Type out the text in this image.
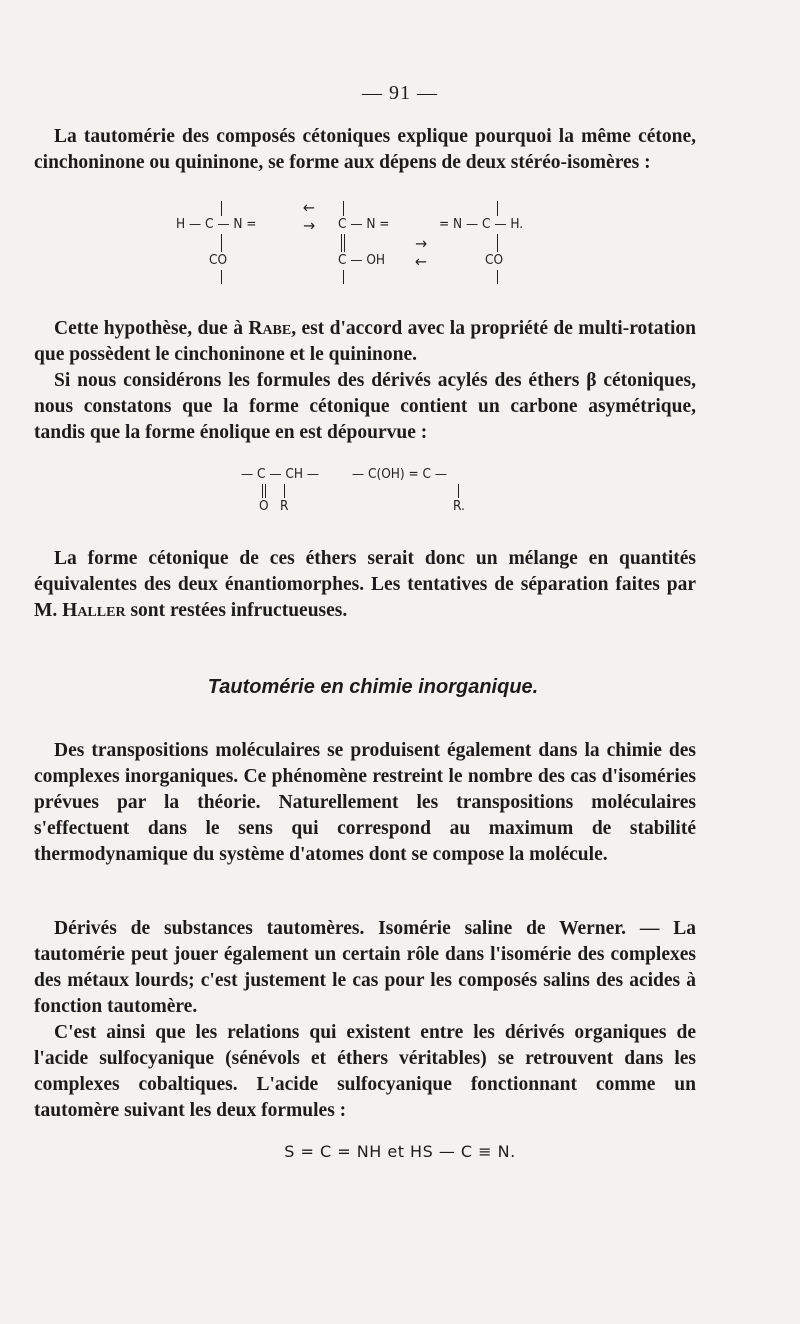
— 91 —
La tautomérie des composés cétoniques explique pourquoi la même cétone, cinchoninone ou quininone, se forme aux dépens de deux stéréo-isomères :
H — C — N =
CO
←
→ C — N =
C — OH
→
←
= N — C — H.
CO
Cette hypothèse, due à Rabe, est d'accord avec la propriété de multi-rotation que possèdent le cinchoninone et le quininone.
Si nous considérons les formules des dérivés acylés des éthers β cétoniques, nous constatons que la forme cétonique contient un carbone asymétrique, tandis que la forme énolique en est dépourvue :
— C — CH —
O R
— C(OH) = C —
R.
La forme cétonique de ces éthers serait donc un mélange en quantités équivalentes des deux énantiomorphes. Les tentatives de séparation faites par M. Haller sont restées infructueuses.
Tautomérie en chimie inorganique.
Des transpositions moléculaires se produisent également dans la chimie des complexes inorganiques. Ce phénomène restreint le nombre des cas d'isoméries prévues par la théorie. Naturellement les transpositions moléculaires s'effectuent dans le sens qui correspond au maximum de stabilité thermodynamique du système d'atomes dont se compose la molécule.
Dérivés de substances tautomères. Isomérie saline de Werner. — La tautomérie peut jouer également un certain rôle dans l'isomérie des complexes des métaux lourds; c'est justement le cas pour les composés salins des acides à fonction tautomère.
C'est ainsi que les relations qui existent entre les dérivés organiques de l'acide sulfocyanique (sénévols et éthers véritables) se retrouvent dans les complexes cobaltiques. L'acide sulfocyanique fonctionnant comme un tautomère suivant les deux formules :
S = C = NH et HS — C ≡ N.
